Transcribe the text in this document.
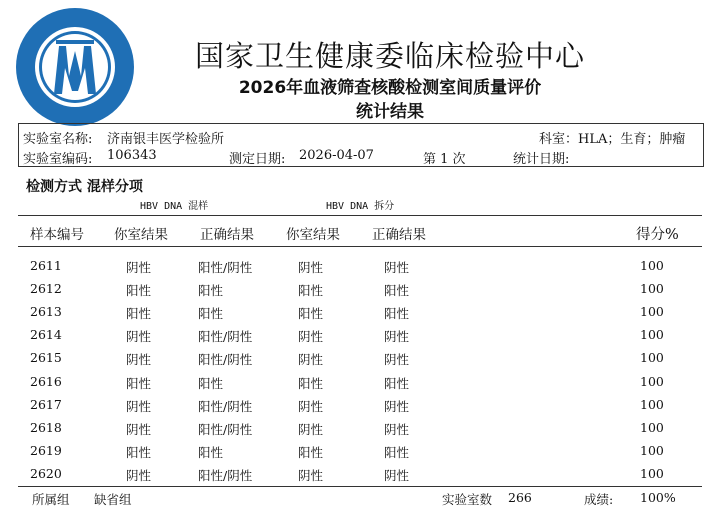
国家卫生健康委临床检验中心
2026年血液筛查核酸检测室间质量评价
统计结果
实验室名称: 济南银丰医学检验所	科室：HLA；生育；肿瘤
实验室编码: 106343	测定日期: 2026-04-07	第 1 次	统计日期:
检测方式 混样分项
HBV DNA 混样	HBV DNA 拆分
样本编号 你室结果 正确结果 你室结果 正确结果	得分%
2611	阴性	阳性/阴性	阴性	阴性	100
2612	阳性	阳性	阳性	阳性	100
2613	阳性	阳性	阳性	阳性	100
2614	阴性	阳性/阴性	阴性	阴性	100
2615	阴性	阳性/阴性	阴性	阴性	100
2616	阳性	阳性	阳性	阳性	100
2617	阴性	阳性/阴性	阴性	阴性	100
2618	阴性	阳性/阴性	阴性	阴性	100
2619	阳性	阳性	阳性	阳性	100
2620	阴性	阳性/阴性	阴性	阴性	100
所属组 缺省组	实验室数 266	成绩: 100%
